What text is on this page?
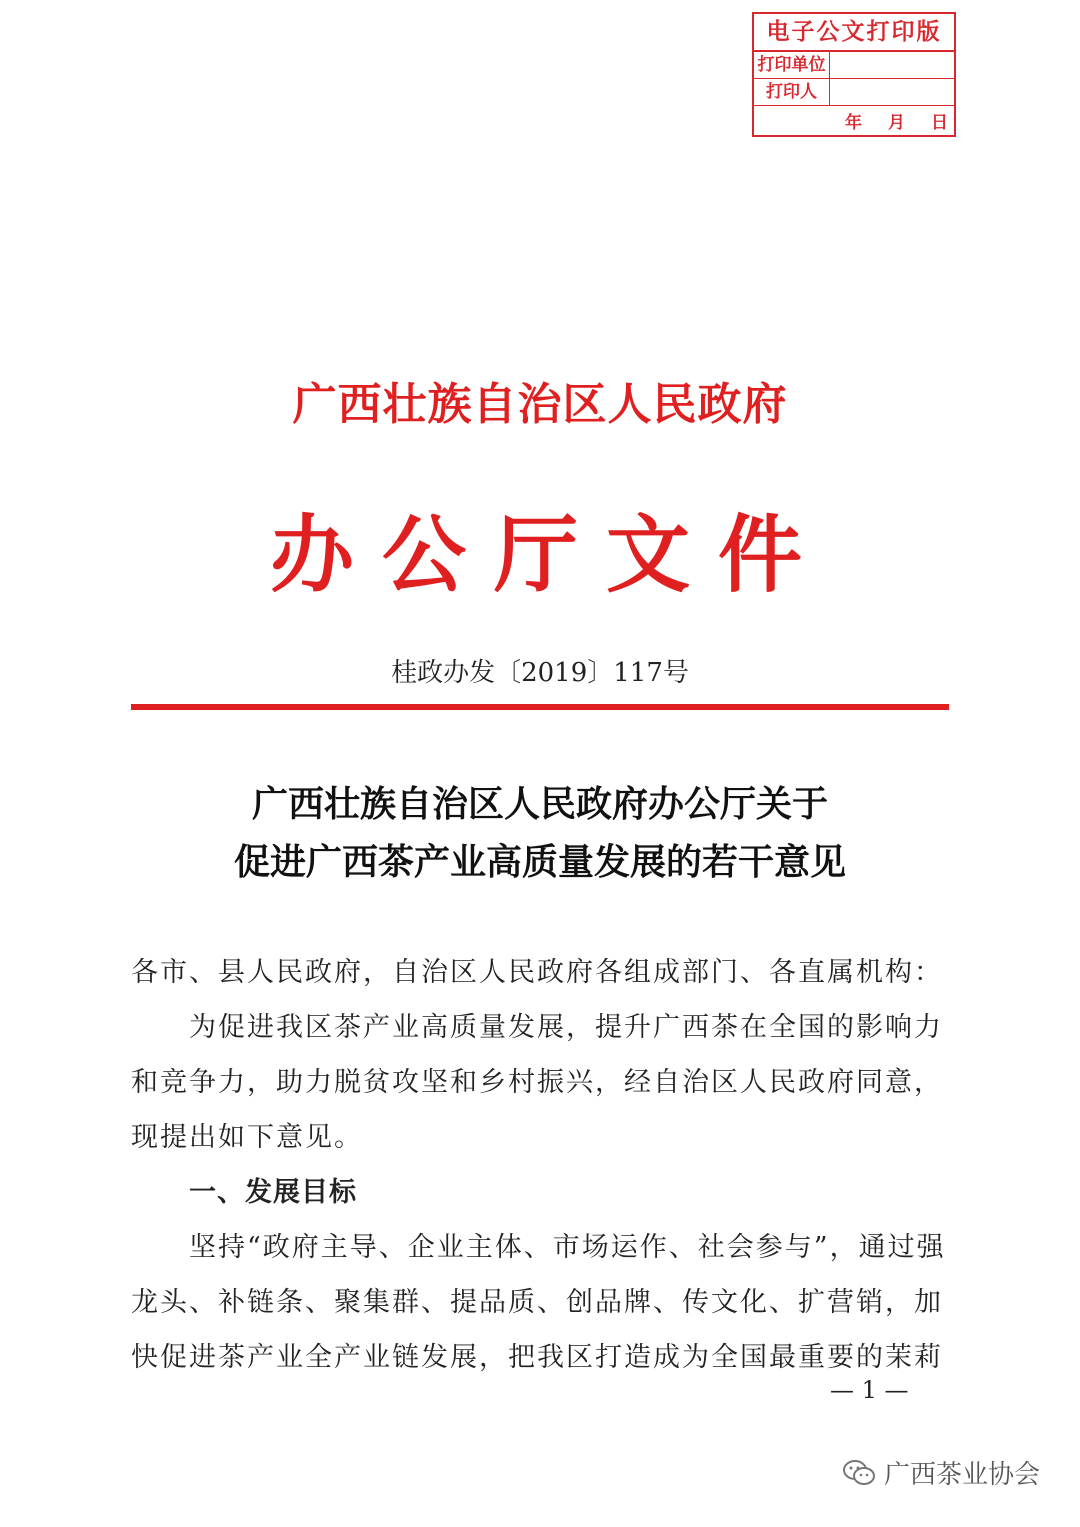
电子公文打印版
打印单位
打印人
年 月 日
广西壮族自治区人民政府
办公厅文件
桂政办发〔2019〕117号
广西壮族自治区人民政府办公厅关于
促进广西茶产业高质量发展的若干意见

各市、县人民政府，自治区人民政府各组成部门、各直属机构：

为促进我区茶产业高质量发展，提升广西茶在全国的影响力和竞争力，助力脱贫攻坚和乡村振兴，经自治区人民政府同意，现提出如下意见。

一、发展目标

坚持“政府主导、企业主体、市场运作、社会参与”，通过强龙头、补链条、聚集群、提品质、创品牌、传文化、扩营销，加快促进茶产业全产业链发展，把我区打造成为全国最重要的茉莉

— 1 —
广西茶业协会
